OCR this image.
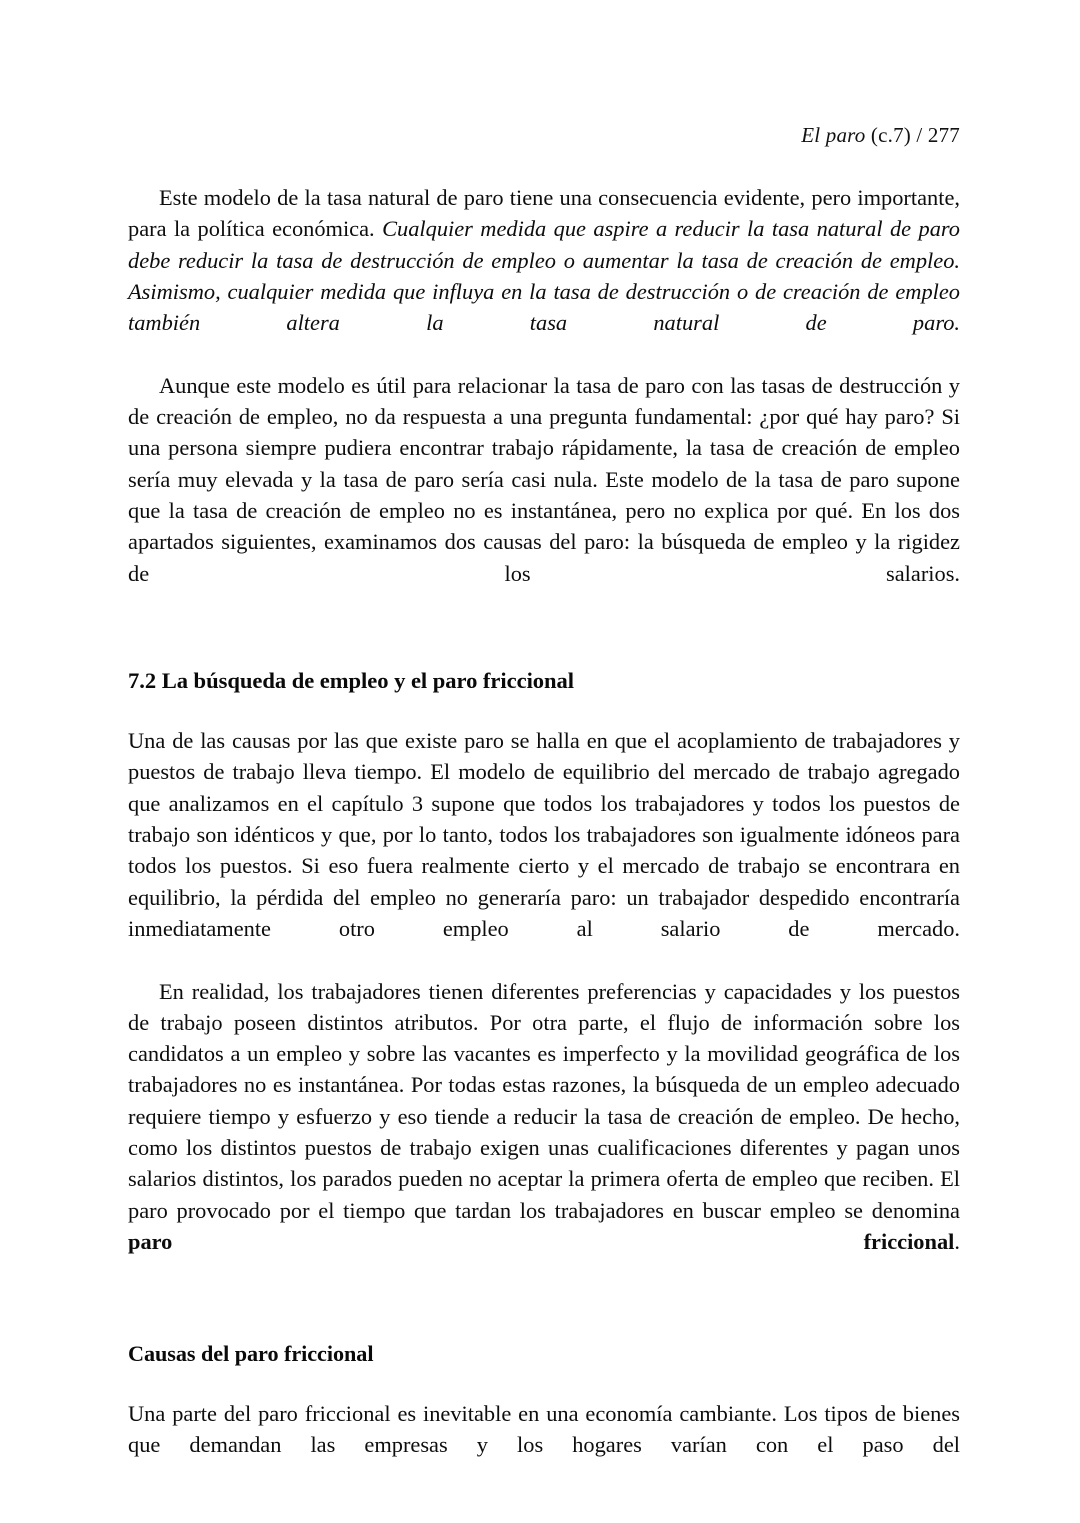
El paro (c.7) / 277

Este modelo de la tasa natural de paro tiene una consecuencia evidente, pero importante, para la política económica. Cualquier medida que aspire a reducir la tasa natural de paro debe reducir la tasa de destrucción de empleo o aumentar la tasa de creación de empleo. Asimismo, cualquier medida que influya en la tasa de destrucción o de creación de empleo también altera la tasa natural de paro.

Aunque este modelo es útil para relacionar la tasa de paro con las tasas de destrucción y de creación de empleo, no da respuesta a una pregunta fundamental: ¿por qué hay paro? Si una persona siempre pudiera encontrar trabajo rápidamente, la tasa de creación de empleo sería muy elevada y la tasa de paro sería casi nula. Este modelo de la tasa de paro supone que la tasa de creación de empleo no es instantánea, pero no explica por qué. En los dos apartados siguientes, examinamos dos causas del paro: la búsqueda de empleo y la rigidez de los salarios.

7.2 La búsqueda de empleo y el paro friccional

Una de las causas por las que existe paro se halla en que el acoplamiento de trabajadores y puestos de trabajo lleva tiempo. El modelo de equilibrio del mercado de trabajo agregado que analizamos en el capítulo 3 supone que todos los trabajadores y todos los puestos de trabajo son idénticos y que, por lo tanto, todos los trabajadores son igualmente idóneos para todos los puestos. Si eso fuera realmente cierto y el mercado de trabajo se encontrara en equilibrio, la pérdida del empleo no generaría paro: un trabajador despedido encontraría inmediatamente otro empleo al salario de mercado.

En realidad, los trabajadores tienen diferentes preferencias y capacidades y los puestos de trabajo poseen distintos atributos. Por otra parte, el flujo de información sobre los candidatos a un empleo y sobre las vacantes es imperfecto y la movilidad geográfica de los trabajadores no es instantánea. Por todas estas razones, la búsqueda de un empleo adecuado requiere tiempo y esfuerzo y eso tiende a reducir la tasa de creación de empleo. De hecho, como los distintos puestos de trabajo exigen unas cualificaciones diferentes y pagan unos salarios distintos, los parados pueden no aceptar la primera oferta de empleo que reciben. El paro provocado por el tiempo que tardan los trabajadores en buscar empleo se denomina paro friccional.

Causas del paro friccional

Una parte del paro friccional es inevitable en una economía cambiante. Los tipos de bienes que demandan las empresas y los hogares varían con el paso del
